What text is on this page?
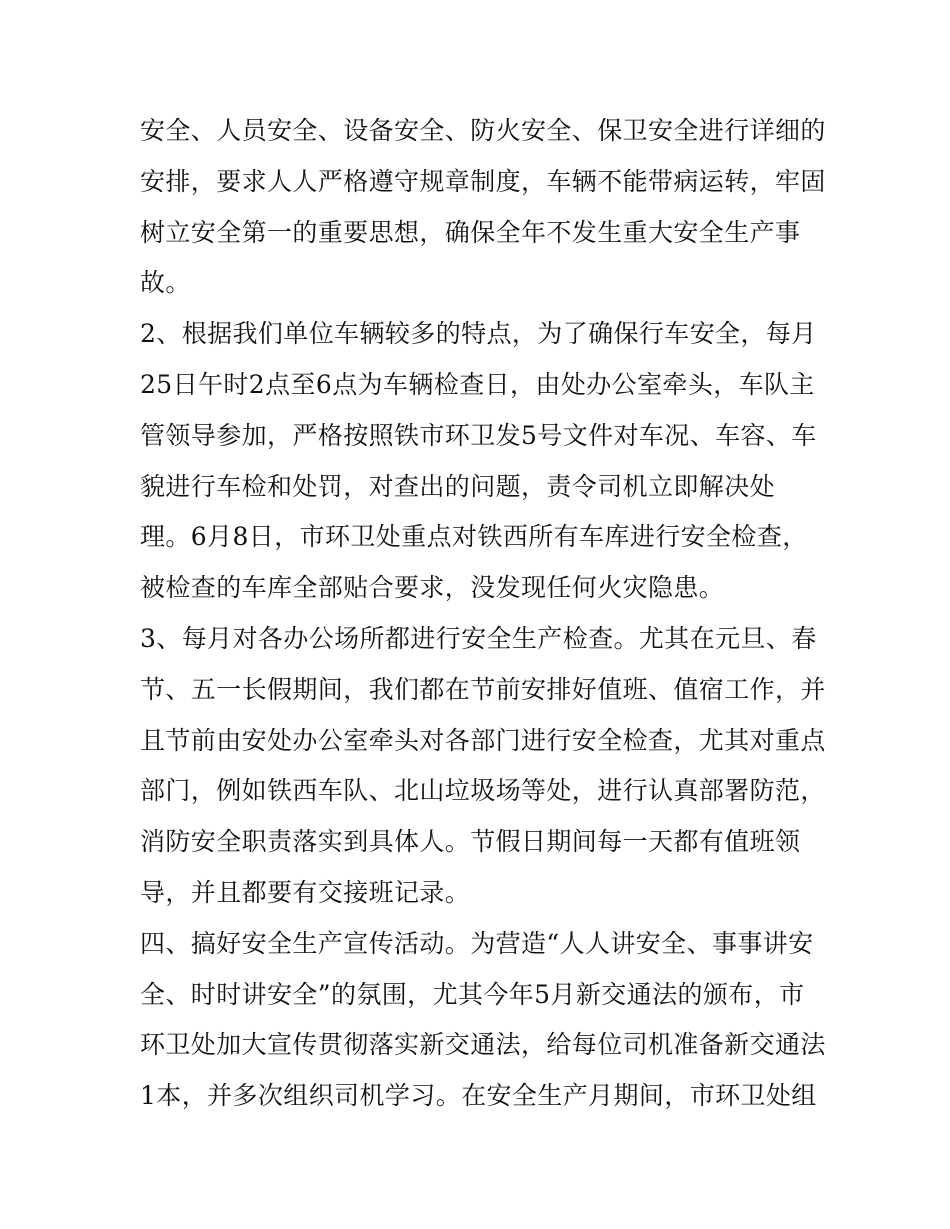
安全、人员安全、设备安全、防火安全、保卫安全进行详细的
安排，要求人人严格遵守规章制度，车辆不能带病运转，牢固
树立安全第一的重要思想，确保全年不发生重大安全生产事
故。
2、根据我们单位车辆较多的特点，为了确保行车安全，每月
25日午时2点至6点为车辆检查日，由处办公室牵头，车队主
管领导参加，严格按照铁市环卫发5号文件对车况、车容、车
貌进行车检和处罚，对查出的问题，责令司机立即解决处
理。6月8日，市环卫处重点对铁西所有车库进行安全检查，
被检查的车库全部贴合要求，没发现任何火灾隐患。
3、每月对各办公场所都进行安全生产检查。尤其在元旦、春
节、五一长假期间，我们都在节前安排好值班、值宿工作，并
且节前由安处办公室牵头对各部门进行安全检查，尤其对重点
部门，例如铁西车队、北山垃圾场等处，进行认真部署防范，
消防安全职责落实到具体人。节假日期间每一天都有值班领
导，并且都要有交接班记录。
四、搞好安全生产宣传活动。为营造“人人讲安全、事事讲安
全、时时讲安全”的氛围，尤其今年5月新交通法的颁布，市
环卫处加大宣传贯彻落实新交通法，给每位司机准备新交通法
1本，并多次组织司机学习。在安全生产月期间，市环卫处组
